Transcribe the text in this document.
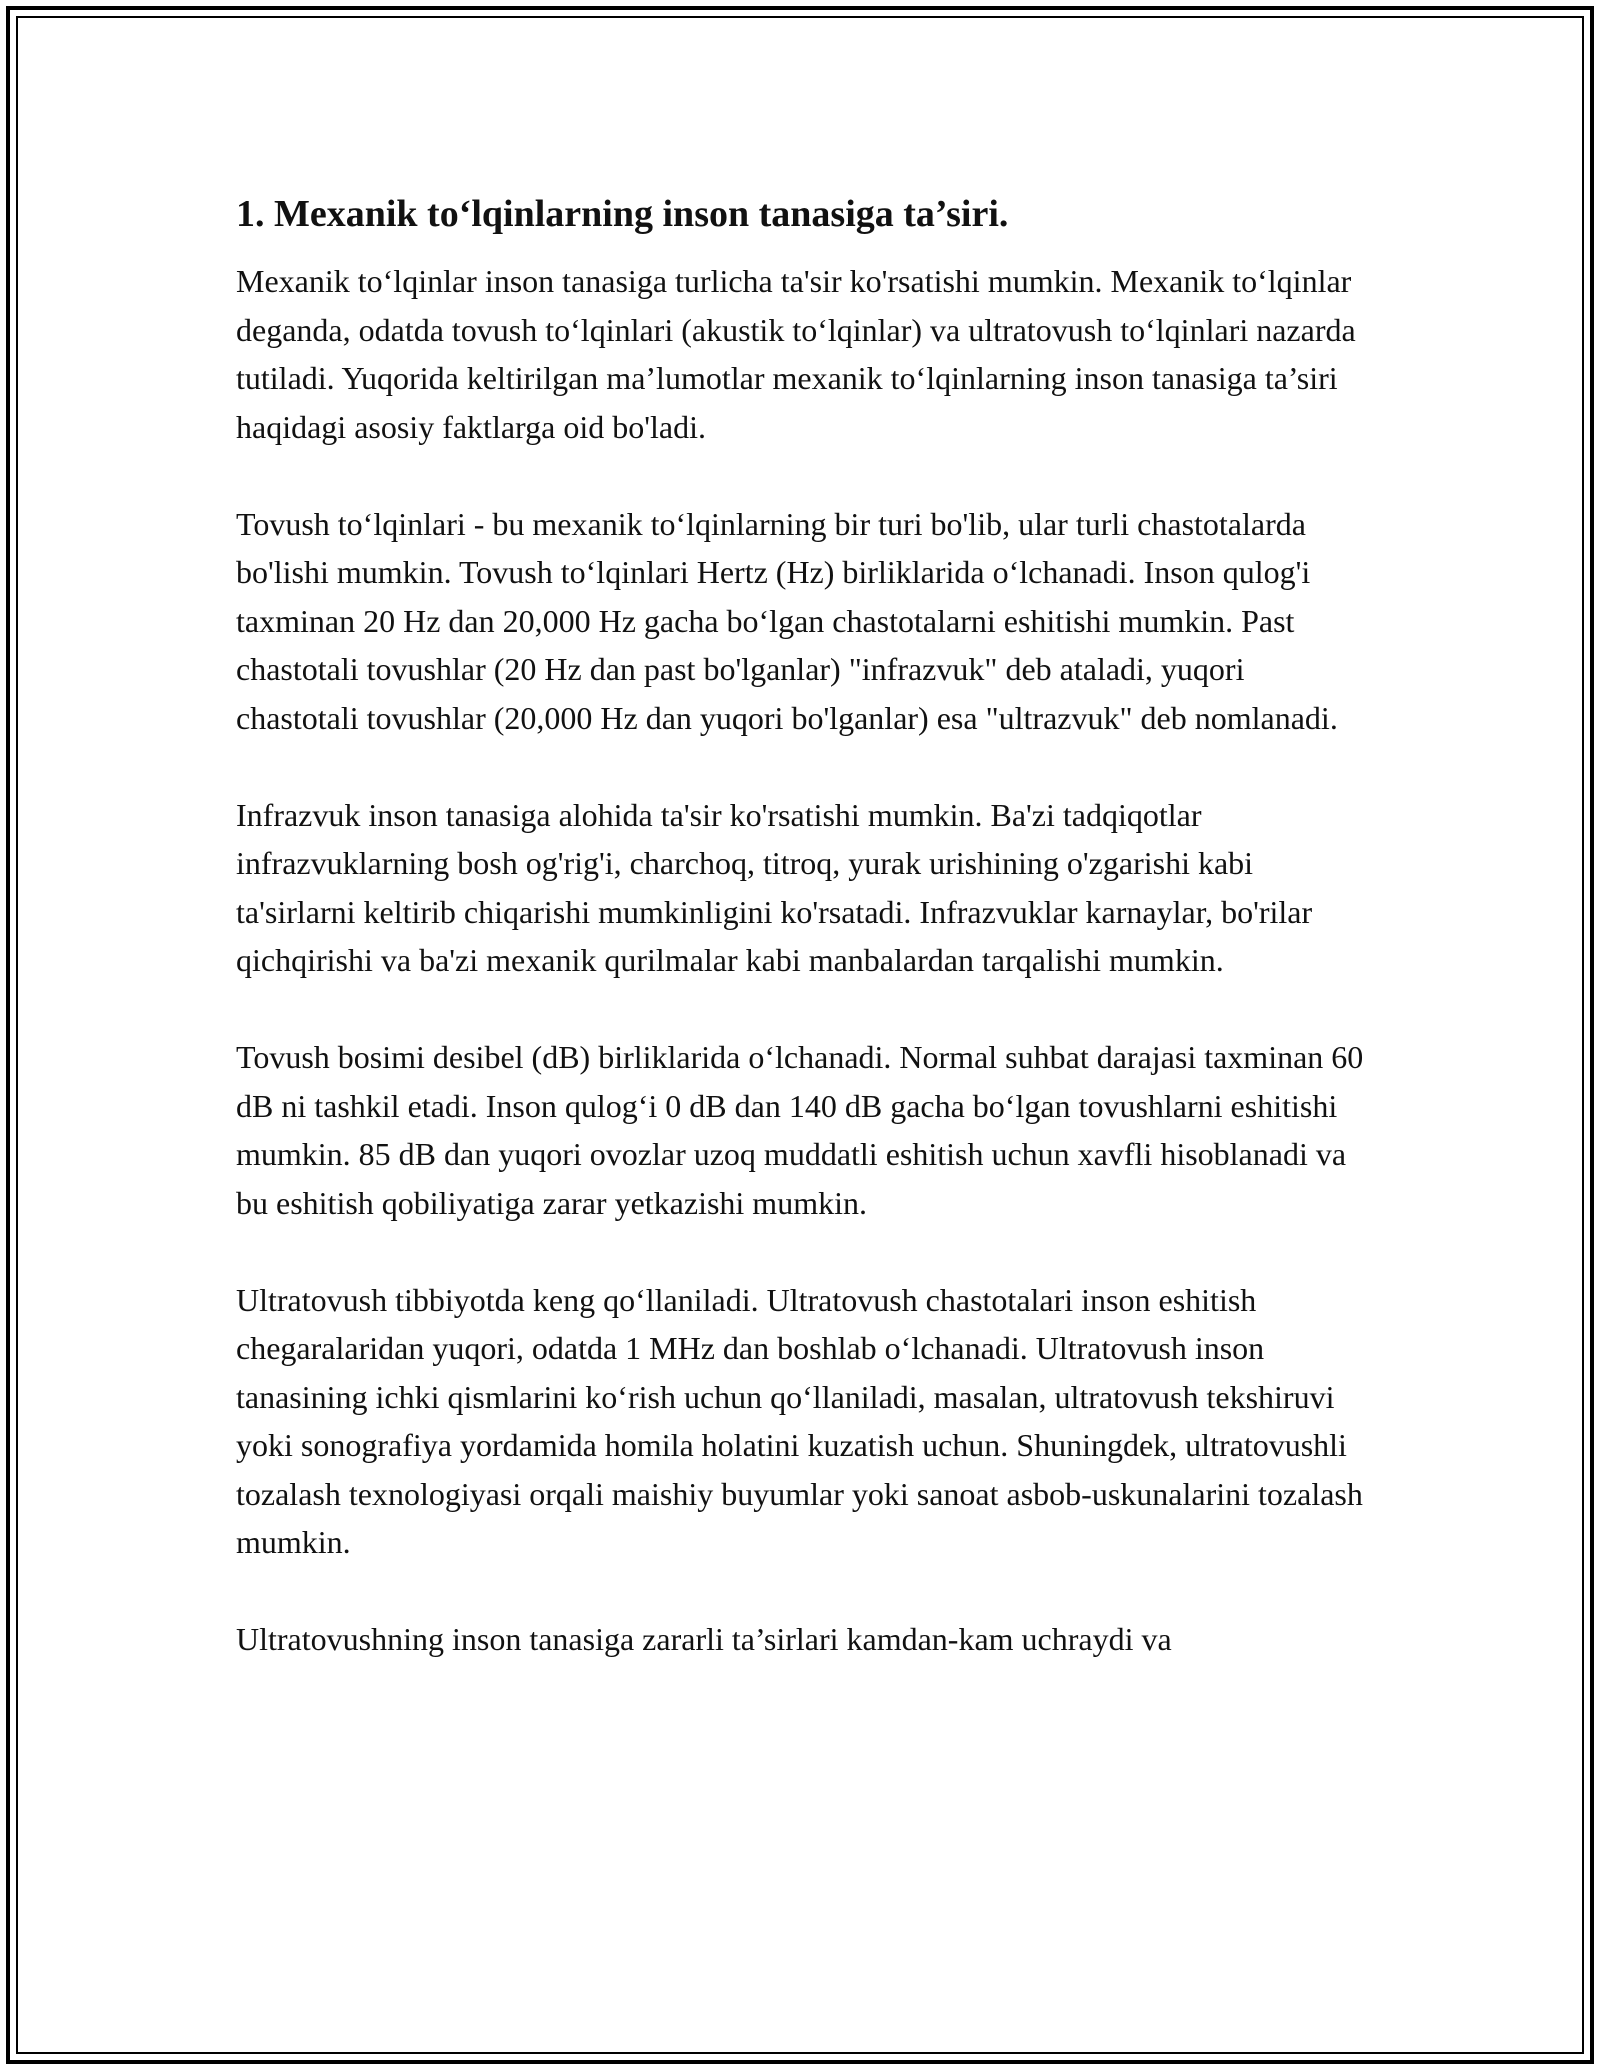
1. Mexanik to‘lqinlarning inson tanasiga ta’siri.

Mexanik to‘lqinlar inson tanasiga turlicha ta'sir ko'rsatishi mumkin. Mexanik to‘lqinlar deganda, odatda tovush to‘lqinlari (akustik to‘lqinlar) va ultratovush to‘lqinlari nazarda tutiladi. Yuqorida keltirilgan ma’lumotlar mexanik to‘lqinlarning inson tanasiga ta’siri haqidagi asosiy faktlarga oid bo'ladi.

Tovush to‘lqinlari - bu mexanik to‘lqinlarning bir turi bo'lib, ular turli chastotalarda bo'lishi mumkin. Tovush to‘lqinlari Hertz (Hz) birliklarida o‘lchanadi. Inson qulog'i taxminan 20 Hz dan 20,000 Hz gacha bo‘lgan chastotalarni eshitishi mumkin. Past chastotali tovushlar (20 Hz dan past bo'lganlar) "infrazvuk" deb ataladi, yuqori chastotali tovushlar (20,000 Hz dan yuqori bo'lganlar) esa "ultrazvuk" deb nomlanadi.

Infrazvuk inson tanasiga alohida ta'sir ko'rsatishi mumkin. Ba'zi tadqiqotlar infrazvuklarning bosh og'rig'i, charchoq, titroq, yurak urishining o'zgarishi kabi ta'sirlarni keltirib chiqarishi mumkinligini ko'rsatadi. Infrazvuklar karnaylar, bo'rilar qichqirishi va ba'zi mexanik qurilmalar kabi manbalardan tarqalishi mumkin.

Tovush bosimi desibel (dB) birliklarida o‘lchanadi. Normal suhbat darajasi taxminan 60 dB ni tashkil etadi. Inson qulog‘i 0 dB dan 140 dB gacha bo‘lgan tovushlarni eshitishi mumkin. 85 dB dan yuqori ovozlar uzoq muddatli eshitish uchun xavfli hisoblanadi va bu eshitish qobiliyatiga zarar yetkazishi mumkin.

Ultratovush tibbiyotda keng qo‘llaniladi. Ultratovush chastotalari inson eshitish chegaralaridan yuqori, odatda 1 MHz dan boshlab o‘lchanadi. Ultratovush inson tanasining ichki qismlarini ko‘rish uchun qo‘llaniladi, masalan, ultratovush tekshiruvi yoki sonografiya yordamida homila holatini kuzatish uchun. Shuningdek, ultratovushli tozalash texnologiyasi orqali maishiy buyumlar yoki sanoat asbob-uskunalarini tozalash mumkin.

Ultratovushning inson tanasiga zararli ta’sirlari kamdan-kam uchraydi va
